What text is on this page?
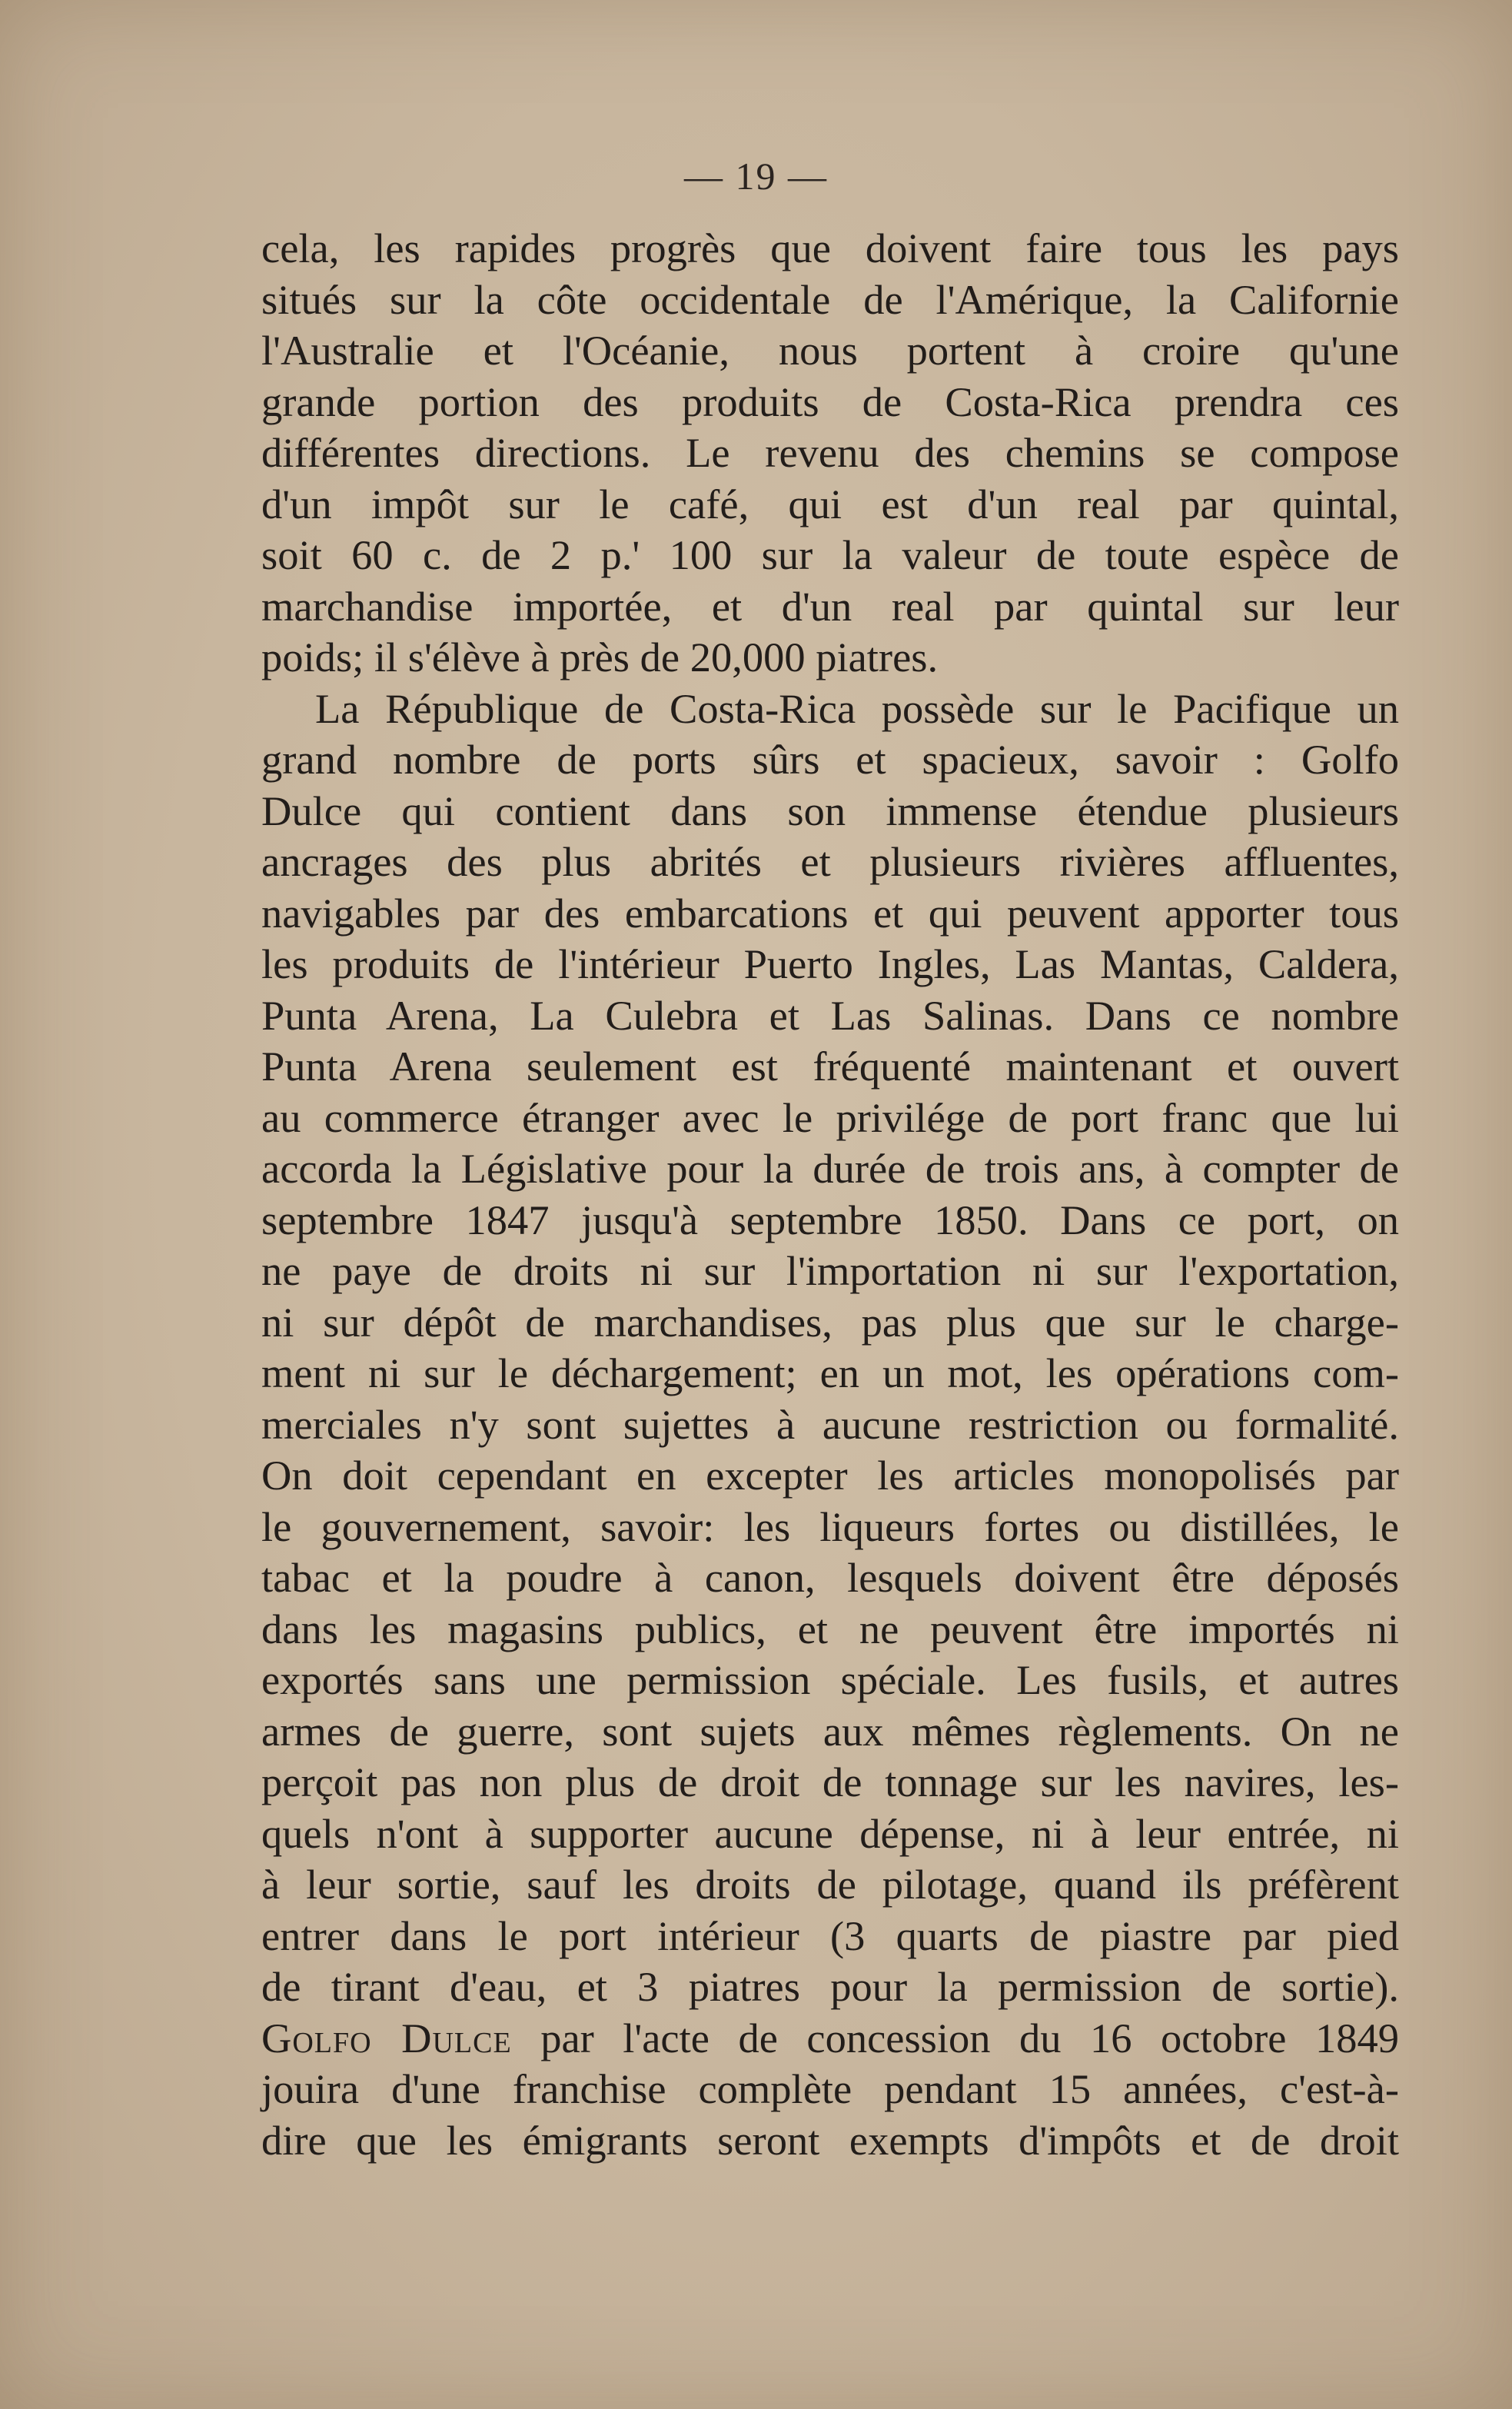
— 19 —
cela, les rapides progrès que doivent faire tous les pays
situés sur la côte occidentale de l'Amérique, la Californie
l'Australie et l'Océanie, nous portent à croire qu'une
grande portion des produits de Costa-Rica prendra ces
différentes directions. Le revenu des chemins se compose
d'un impôt sur le café, qui est d'un real par quintal,
soit 60 c. de 2 p.' 100 sur la valeur de toute espèce de
marchandise importée, et d'un real par quintal sur leur
poids; il s'élève à près de 20,000 piatres.
La République de Costa-Rica possède sur le Pacifique un
grand nombre de ports sûrs et spacieux, savoir : Golfo
Dulce qui contient dans son immense étendue plusieurs
ancrages des plus abrités et plusieurs rivières affluentes,
navigables par des embarcations et qui peuvent apporter tous
les produits de l'intérieur Puerto Ingles, Las Mantas, Caldera,
Punta Arena, La Culebra et Las Salinas. Dans ce nombre
Punta Arena seulement est fréquenté maintenant et ouvert
au commerce étranger avec le privilége de port franc que lui
accorda la Législative pour la durée de trois ans, à compter de
septembre 1847 jusqu'à septembre 1850. Dans ce port, on
ne paye de droits ni sur l'importation ni sur l'exportation,
ni sur dépôt de marchandises, pas plus que sur le charge-
ment ni sur le déchargement; en un mot, les opérations com-
merciales n'y sont sujettes à aucune restriction ou formalité.
On doit cependant en excepter les articles monopolisés par
le gouvernement, savoir: les liqueurs fortes ou distillées, le
tabac et la poudre à canon, lesquels doivent être déposés
dans les magasins publics, et ne peuvent être importés ni
exportés sans une permission spéciale. Les fusils, et autres
armes de guerre, sont sujets aux mêmes règlements. On ne
perçoit pas non plus de droit de tonnage sur les navires, les-
quels n'ont à supporter aucune dépense, ni à leur entrée, ni
à leur sortie, sauf les droits de pilotage, quand ils préfèrent
entrer dans le port intérieur (3 quarts de piastre par pied
de tirant d'eau, et 3 piatres pour la permission de sortie).
Golfo Dulce par l'acte de concession du 16 octobre 1849
jouira d'une franchise complète pendant 15 années, c'est-à-
dire que les émigrants seront exempts d'impôts et de droit
